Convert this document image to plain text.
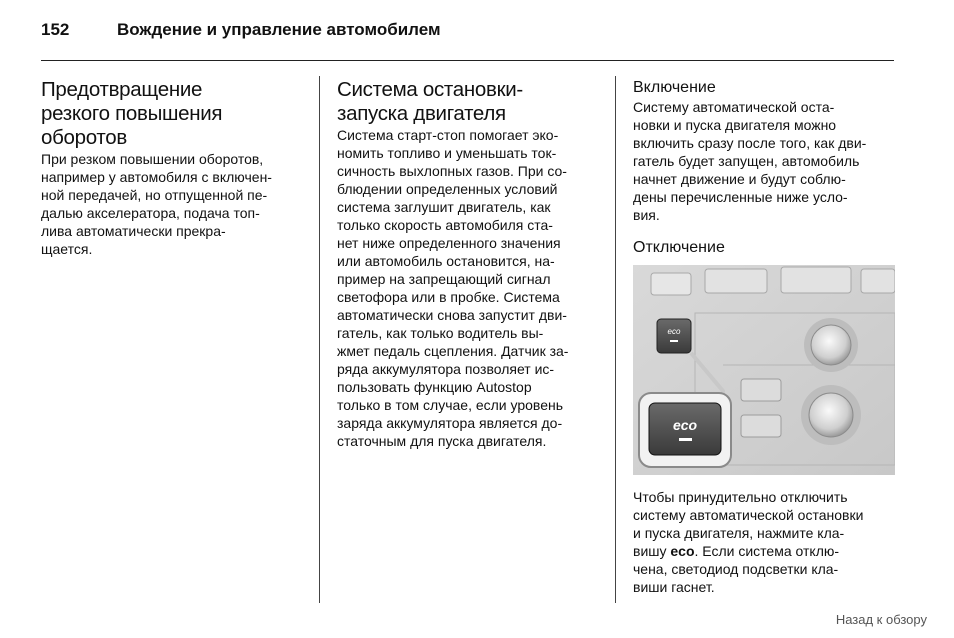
152	Вождение и управление автомобилем
Предотвращение
резкого повышения
оборотов
При резком повышении оборотов,
например у автомобиля с включен-
ной передачей, но отпущенной пе-
далью акселератора, подача топ-
лива автоматически прекра-
щается.
Система остановки-
запуска двигателя
Система старт-стоп помогает эко-
номить топливо и уменьшать ток-
сичность выхлопных газов. При со-
блюдении определенных условий
система заглушит двигатель, как
только скорость автомобиля ста-
нет ниже определенного значения
или автомобиль остановится, на-
пример на запрещающий сигнал
светофора или в пробке. Система
автоматически снова запустит дви-
гатель, как только водитель вы-
жмет педаль сцепления. Датчик за-
ряда аккумулятора позволяет ис-
пользовать функцию Autostop
только в том случае, если уровень
заряда аккумулятора является до-
статочным для пуска двигателя.
Включение
Систему автоматической оста-
новки и пуска двигателя можно
включить сразу после того, как дви-
гатель будет запущен, автомобиль
начнет движение и будут соблю-
дены перечисленные ниже усло-
вия.
Отключение
eco
eco
Чтобы принудительно отключить
систему автоматической остановки
и пуска двигателя, нажмите кла-
вишу eco. Если система отклю-
чена, светодиод подсветки кла-
виши гаснет.
Назад к обзору
